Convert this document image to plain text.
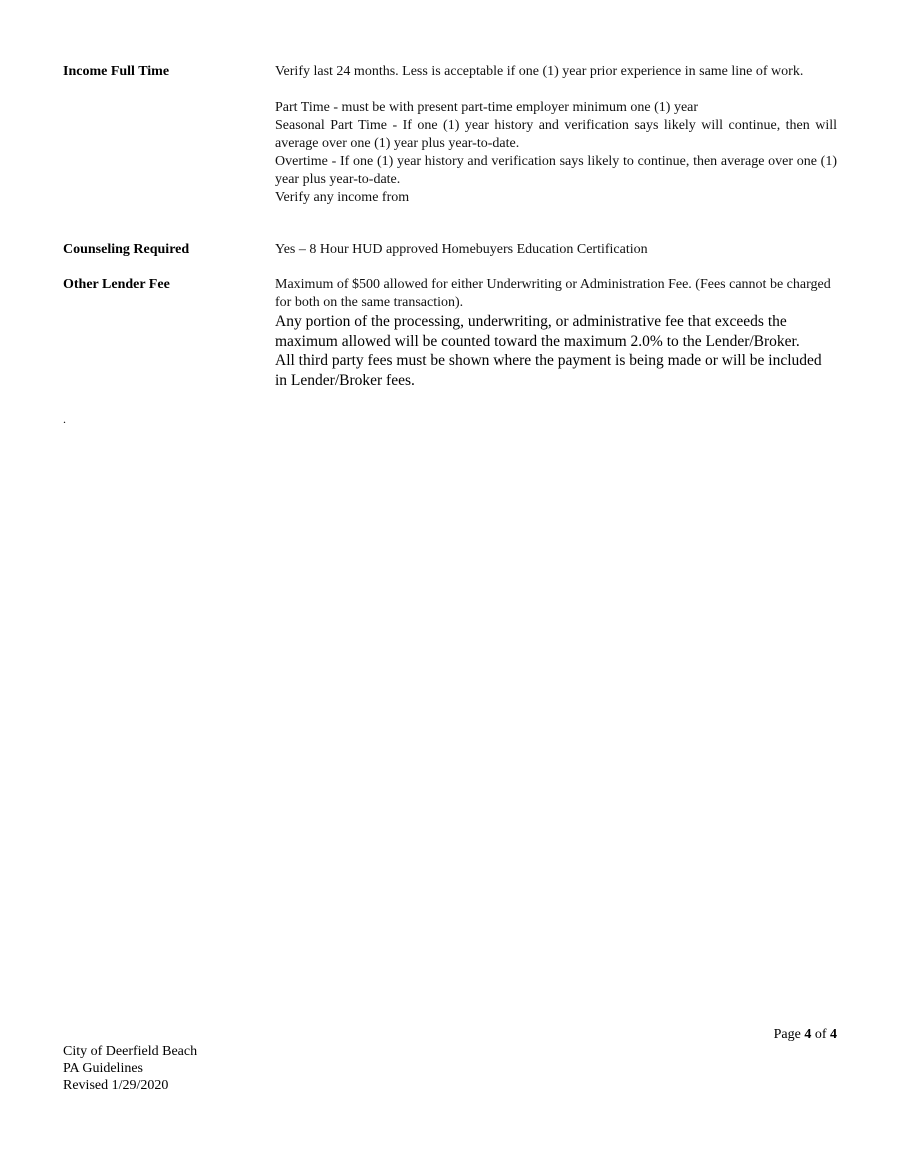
Income Full Time	Verify last 24 months. Less is acceptable if one (1) year prior experience in same line of work.

Part Time - must be with present part-time employer minimum one (1) year

Seasonal Part Time - If one (1) year history and verification says likely will continue, then will average over one (1) year plus year-to-date.

Overtime - If one (1) year history and verification says likely to continue, then average over one (1) year plus year-to-date.

Verify any income from

Counseling Required	Yes – 8 Hour HUD approved Homebuyers Education Certification

Other Lender Fee	Maximum of $500 allowed for either Underwriting or Administration Fee. (Fees cannot be charged for both on the same transaction).

Any portion of the processing, underwriting, or administrative fee that exceeds the maximum allowed will be counted toward the maximum 2.0% to the Lender/Broker.

All third party fees must be shown where the payment is being made or will be included in Lender/Broker fees.

.
Page 4 of 4
City of Deerfield Beach
PA Guidelines
Revised 1/29/2020
